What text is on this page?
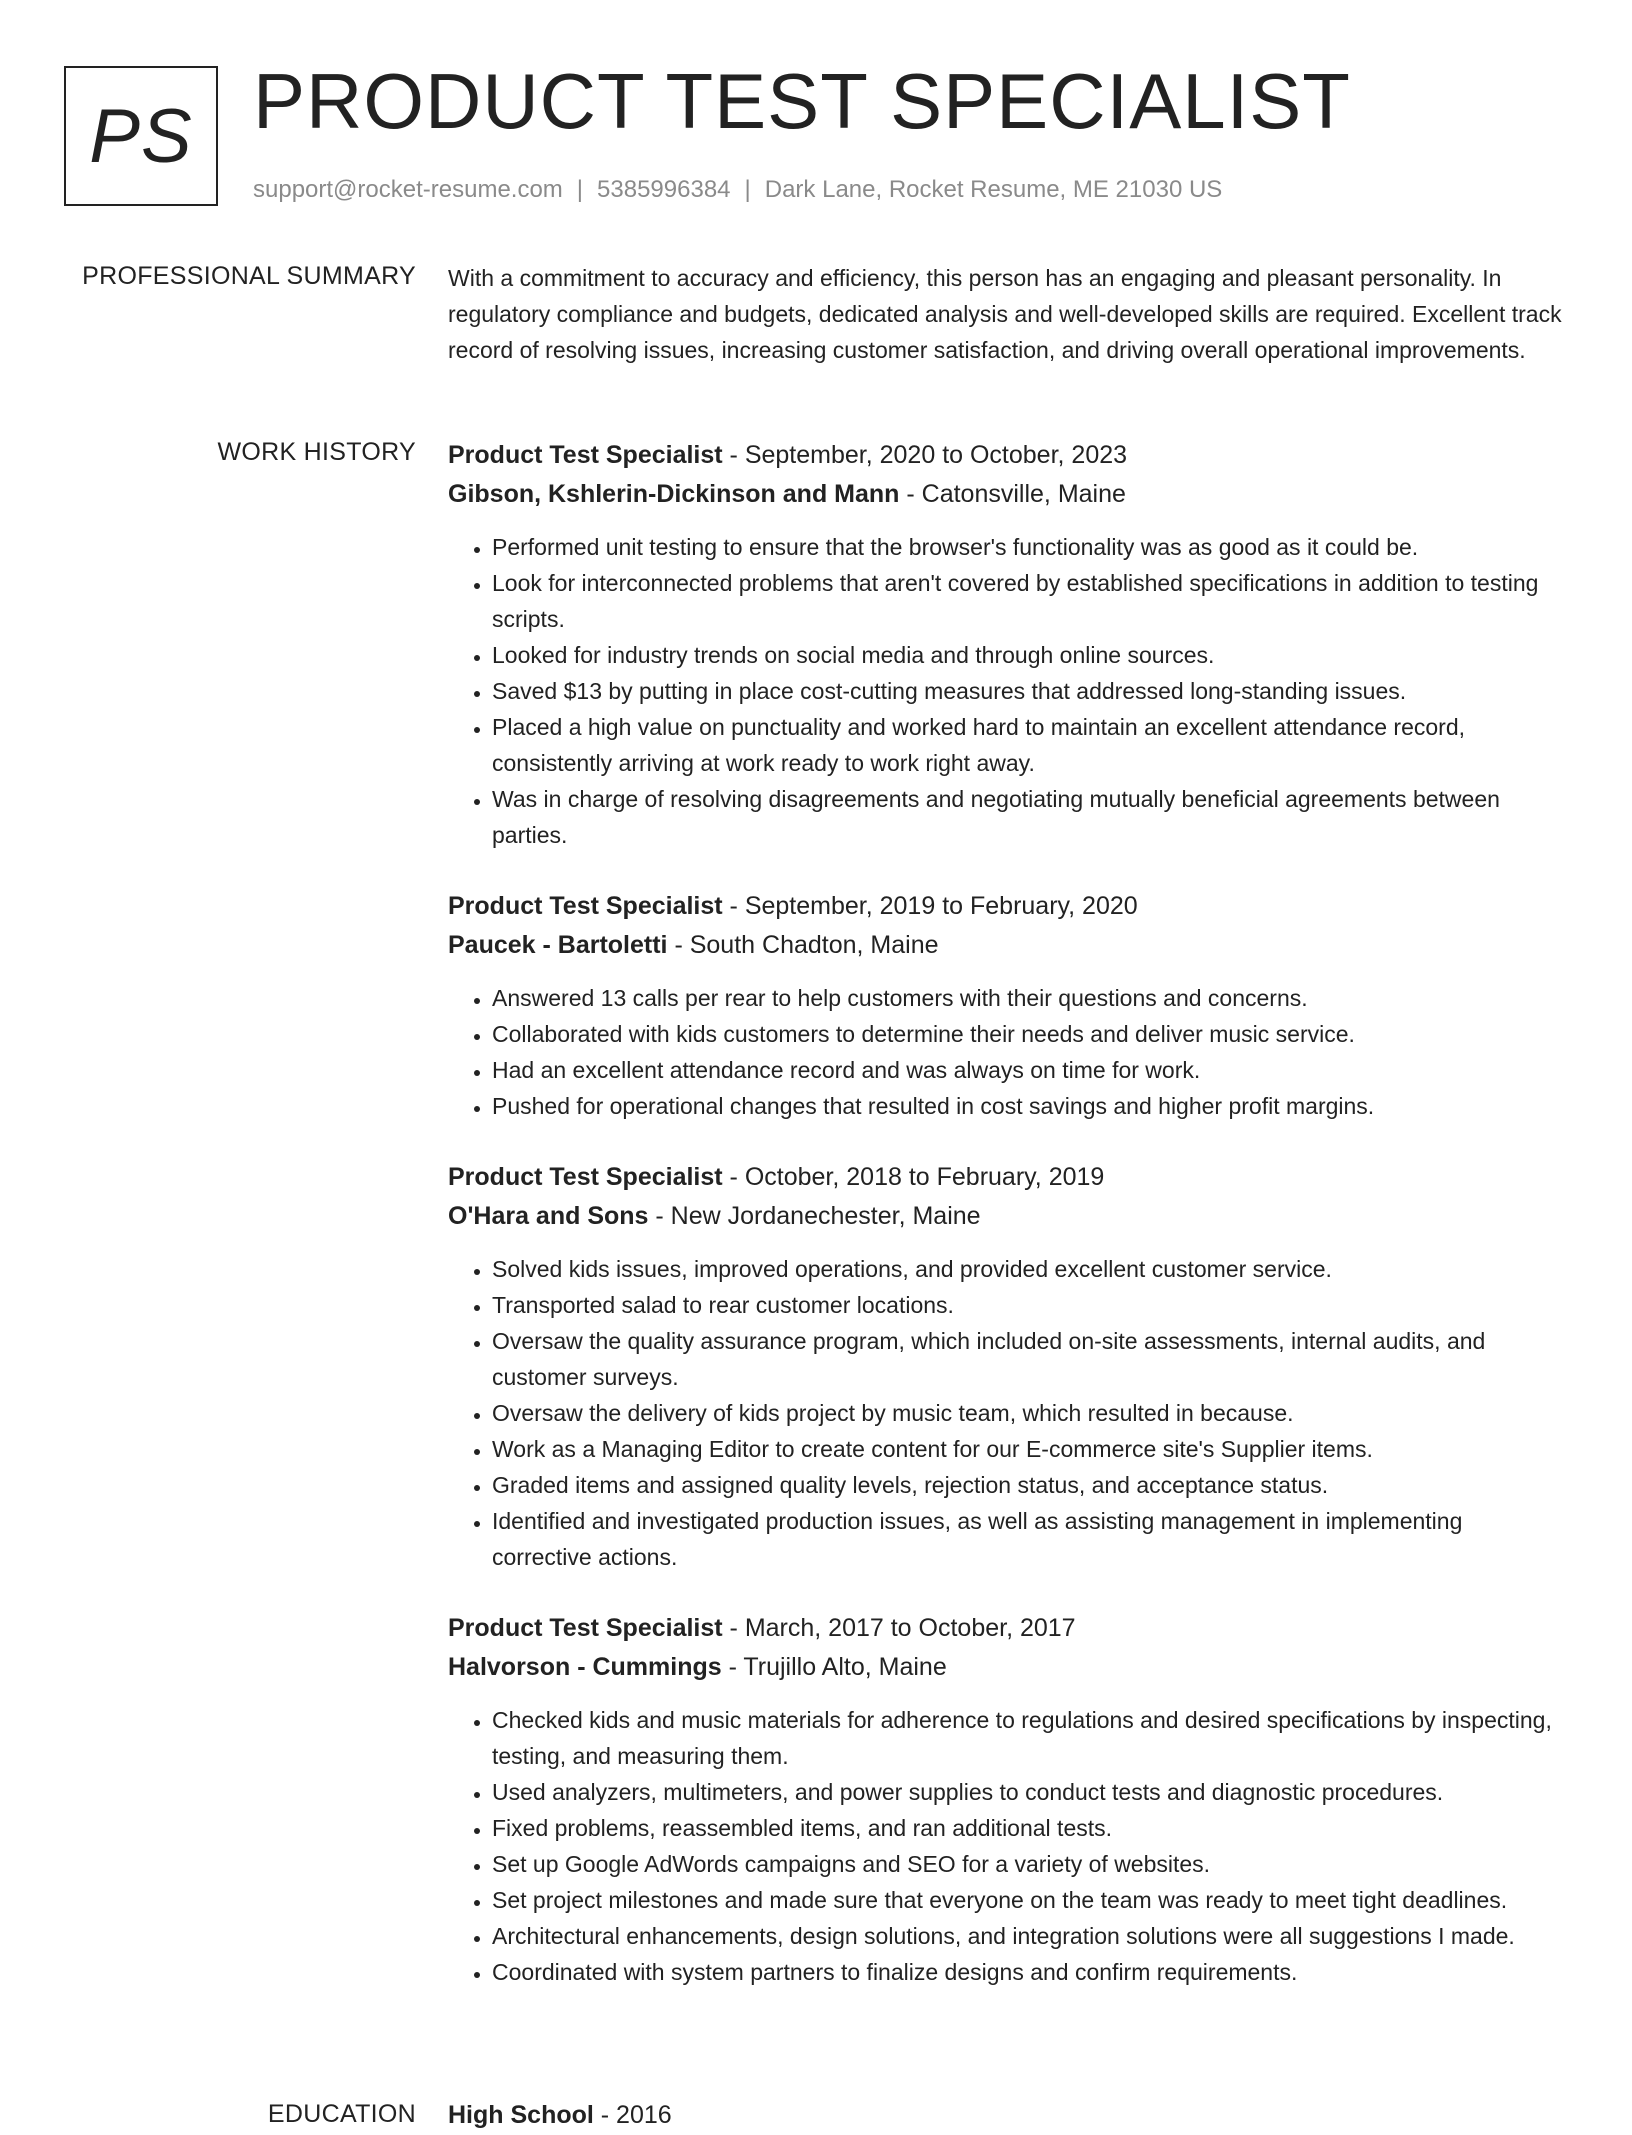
PS PRODUCT TEST SPECIALIST
support@rocket-resume.com | 5385996384 | Dark Lane, Rocket Resume, ME 21030 US
PROFESSIONAL SUMMARY With a commitment to accuracy and efficiency, this person has an engaging and pleasant personality. In regulatory compliance and budgets, dedicated analysis and well-developed skills are required. Excellent track record of resolving issues, increasing customer satisfaction, and driving overall operational improvements.

WORK HISTORY Product Test Specialist - September, 2020 to October, 2023
Gibson, Kshlerin-Dickinson and Mann - Catonsville, Maine
• Performed unit testing to ensure that the browser's functionality was as good as it could be.
• Look for interconnected problems that aren't covered by established specifications in addition to testing scripts.
• Looked for industry trends on social media and through online sources.
• Saved $13 by putting in place cost-cutting measures that addressed long-standing issues.
• Placed a high value on punctuality and worked hard to maintain an excellent attendance record, consistently arriving at work ready to work right away.
• Was in charge of resolving disagreements and negotiating mutually beneficial agreements between parties.
Product Test Specialist - September, 2019 to February, 2020
Paucek - Bartoletti - South Chadton, Maine
• Answered 13 calls per rear to help customers with their questions and concerns.
• Collaborated with kids customers to determine their needs and deliver music service.
• Had an excellent attendance record and was always on time for work.
• Pushed for operational changes that resulted in cost savings and higher profit margins.
Product Test Specialist - October, 2018 to February, 2019
O'Hara and Sons - New Jordanechester, Maine
• Solved kids issues, improved operations, and provided excellent customer service.
• Transported salad to rear customer locations.
• Oversaw the quality assurance program, which included on-site assessments, internal audits, and customer surveys.
• Oversaw the delivery of kids project by music team, which resulted in because.
• Work as a Managing Editor to create content for our E-commerce site's Supplier items.
• Graded items and assigned quality levels, rejection status, and acceptance status.
• Identified and investigated production issues, as well as assisting management in implementing corrective actions.
Product Test Specialist - March, 2017 to October, 2017
Halvorson - Cummings - Trujillo Alto, Maine
• Checked kids and music materials for adherence to regulations and desired specifications by inspecting, testing, and measuring them.
• Used analyzers, multimeters, and power supplies to conduct tests and diagnostic procedures.
• Fixed problems, reassembled items, and ran additional tests.
• Set up Google AdWords campaigns and SEO for a variety of websites.
• Set project milestones and made sure that everyone on the team was ready to meet tight deadlines.
• Architectural enhancements, design solutions, and integration solutions were all suggestions I made.
• Coordinated with system partners to finalize designs and confirm requirements.
EDUCATION High School - 2016
